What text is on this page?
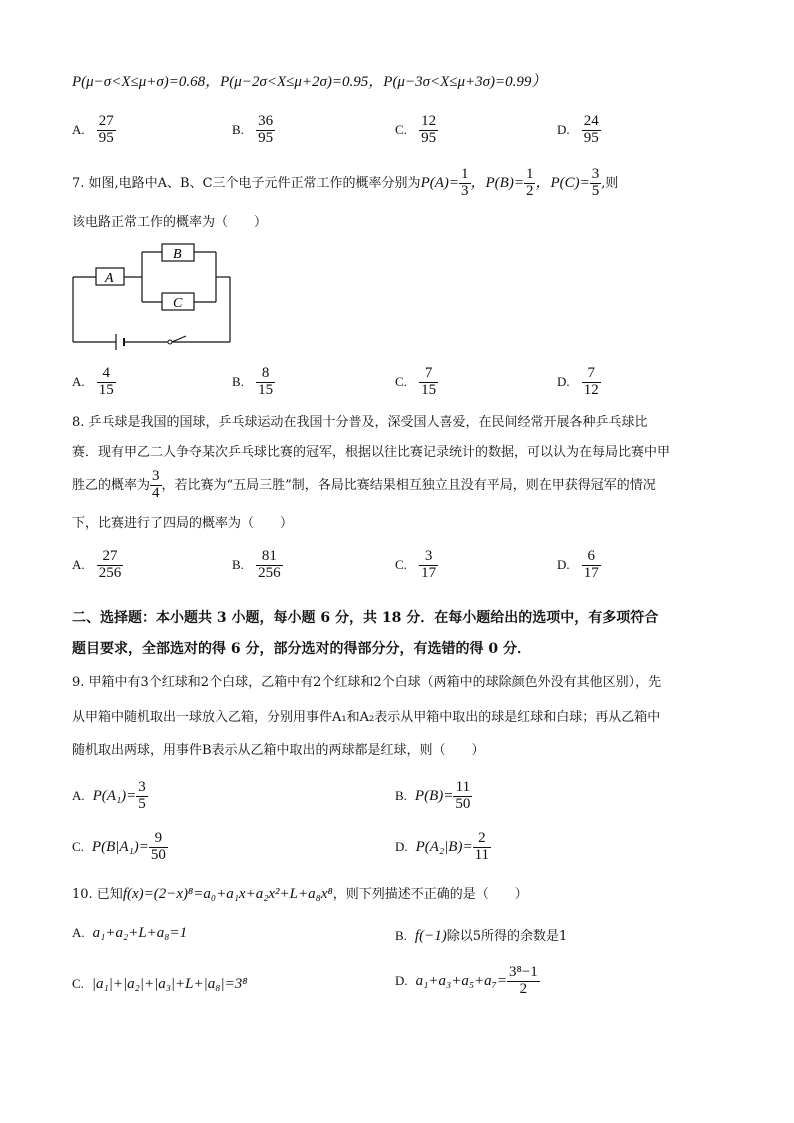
P(μ−σ<X≤μ+σ)=0.68，P(μ−2σ<X≤μ+2σ)=0.95，P(μ−3σ<X≤μ+3σ)=0.99）
A. $\frac{27}{95}$	B. $\frac{36}{95}$	C. $\frac{12}{95}$	D. $\frac{24}{95}$
7. 如图,电路中A、B、C三个电子元件正常工作的概率分别为$P(A)= \frac{1}{3}$ ，$P(B)= \frac{1}{2}$ ，$P(C)= \frac{3}{5}$ ,则
该电路正常工作的概率为（　　）
A
B
C
A. $\frac{4}{15}$	B. $\frac{8}{15}$	C. $\frac{7}{15}$	D. $\frac{7}{12}$
8. 乒乓球是我国的国球，乒乓球运动在我国十分普及，深受国人喜爱，在民间经常开展各种乒乓球比
赛．现有甲乙二人争夺某次乒乓球比赛的冠军，根据以往比赛记录统计的数据，可以认为在每局比赛中甲
胜乙的概率为 $\frac{3}{4}$ ，若比赛为“五局三胜”制，各局比赛结果相互独立且没有平局，则在甲获得冠军的情况
下，比赛进行了四局的概率为（　　）
A. $\frac{27}{256}$	B. $\frac{81}{256}$	C. $\frac{3}{17}$	D. $\frac{6}{17}$
二、选择题：本小题共 3 小题，每小题 6 分，共 18 分．在每小题给出的选项中，有多项符合
题目要求，全部选对的得 6 分，部分选对的得部分分，有选错的得 0 分．
9. 甲箱中有3个红球和2个白球，乙箱中有2个红球和2个白球（两箱中的球除颜色外没有其他区别），先
从甲箱中随机取出一球放入乙箱，分别用事件A₁和A₂表示从甲箱中取出的球是红球和白球；再从乙箱中
随机取出两球，用事件B表示从乙箱中取出的两球都是红球，则（　　）
A. $P(A_1)= \frac{3}{5}$	B. $P(B)= \frac{11}{50}$
C. $P(B|A_1)= \frac{9}{50}$	D. $P(A_2|B)= \frac{2}{11}$
10. 已知f(x)=(2−x)⁸=a₀+a₁x+a₂x²+L+a₈x⁸，则下列描述不正确的是（　　）
A. a₁+a₂+L+a₈=1	B. f(−1)除以5所得的余数是1
C. |a₁|+|a₂|+|a₃|+L+|a₈|=3⁸	D. $a_1+a_3+a_5+a_7= \frac{\text{3⁸−1}}{2}$
